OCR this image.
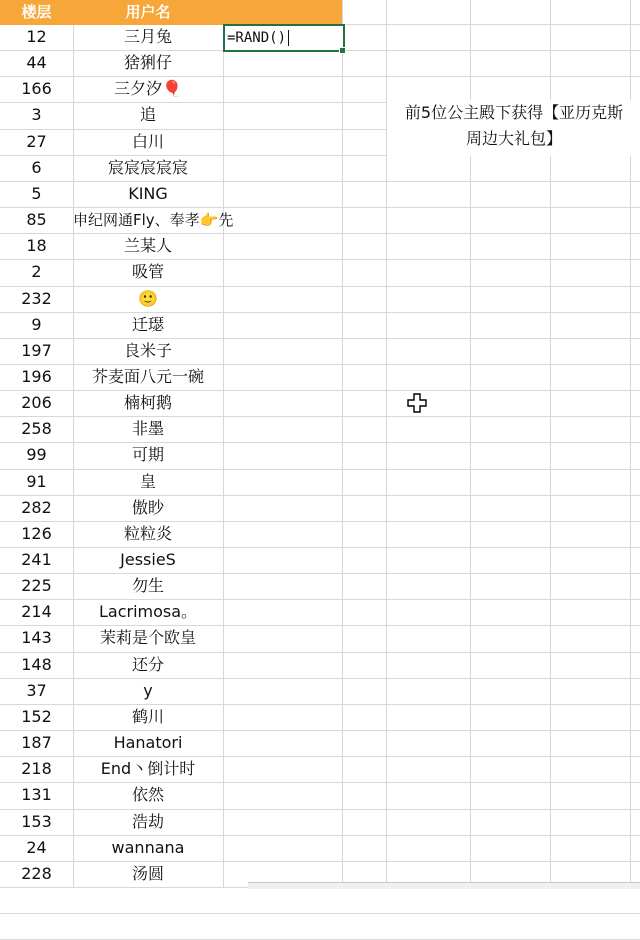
楼层	用户名
12	三月兔
44	猞猁仔
166	三夕汐🎈
3	追
27	白川
6	宸宸宸宸宸
5	KING
85	申纪网通Fly、奉孝👉先
18	兰某人
2	吸管
232	🙂
9	迁璱
197	良米子
196	芥麦面八元一碗
206	楠柯鹅
258	非墨
99	可期
91	皇
282	傲眇
126	粒粒炎
241	JessieS
225	勿生
214	Lacrimosa。
143	茉莉是个欧皇
148	还分
37	y
152	鹤川
187	Hanatori
218	End丶倒计时
131	依然
153	浩劫
24	wannana
228	汤圆
=RAND()
前5位公主殿下获得【亚历克斯
周边大礼包】
